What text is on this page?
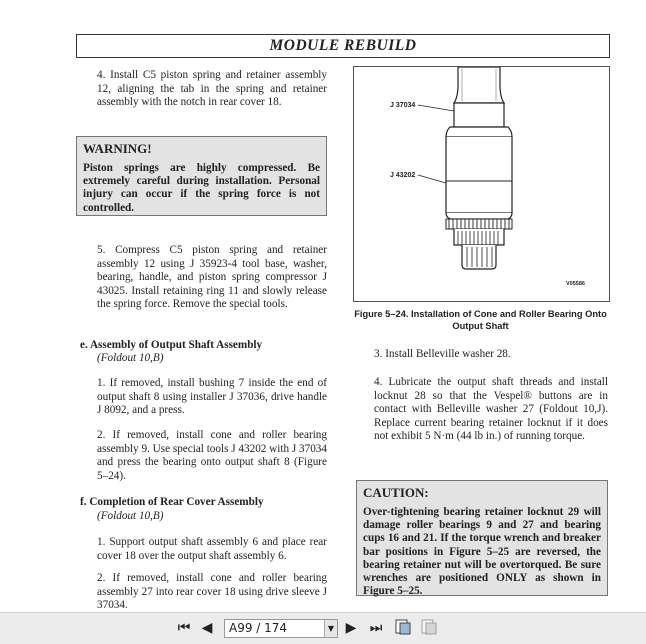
MODULE REBUILD
4. Install C5 piston spring and retainer assembly 12, aligning the tab in the spring and retainer assembly with the notch in rear cover 18.
WARNING!
Piston springs are highly compressed. Be extremely careful during installation. Personal injury can occur if the spring force is not controlled.
5. Compress C5 piston spring and retainer assembly 12 using J 35923-4 tool base, washer, bearing, handle, and piston spring compressor J 43025. Install retaining ring 11 and slowly release the spring force. Remove the special tools.
e. Assembly of Output Shaft Assembly
(Foldout 10,B)
1. If removed, install bushing 7 inside the end of output shaft 8 using installer J 37036, drive handle J 8092, and a press.
2. If removed, install cone and roller bearing assembly 9. Use special tools J 43202 with J 37034 and press the bearing onto output shaft 8 (Figure 5–24).
f. Completion of Rear Cover Assembly
(Foldout 10,B)
1. Support output shaft assembly 6 and place rear cover 18 over the output shaft assembly 6.
2. If removed, install cone and roller bearing assembly 27 into rear cover 18 using drive sleeve J 37034.
J 37034
J 43202
V05586
Figure 5–24. Installation of Cone and Roller Bearing Onto Output Shaft
3. Install Belleville washer 28.
4. Lubricate the output shaft threads and install locknut 28 so that the Vespel® buttons are in contact with Belleville washer 27 (Foldout 10,J). Replace current bearing retainer locknut if it does not exhibit 5 N·m (44 lb in.) of running torque.
CAUTION:
Over-tightening bearing retainer locknut 29 will damage roller bearings 9 and 27 and bearing cups 16 and 21. If the torque wrench and breaker bar positions in Figure 5–25 are reversed, the bearing retainer nut will be overtorqued. Be sure wrenches are positioned ONLY as shown in Figure 5–25.
⏮ ◀	A99 / 174	▼ ▶ ⏭
